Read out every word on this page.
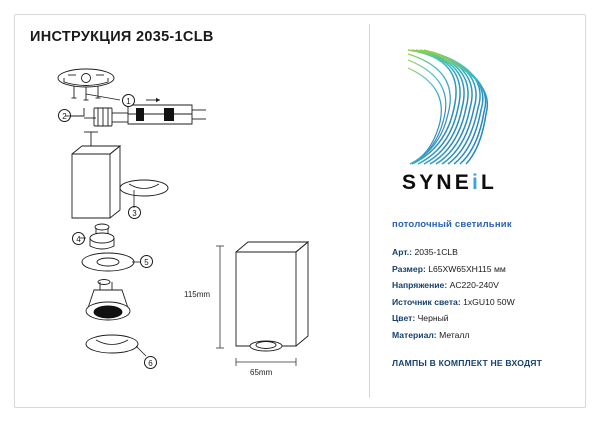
ИНСТРУКЦИЯ 2035-1CLB
1
2
3
4
5
6
115mm
65mm
SYNEiL
потолочный светильник
Арт.: 2035-1CLB
Размер: L65XW65XH115 мм
Напряжение: AC220-240V
Источник света: 1xGU10 50W
Цвет: Черный
Материал: Металл
ЛАМПЫ В КОМПЛЕКТ НЕ ВХОДЯТ
